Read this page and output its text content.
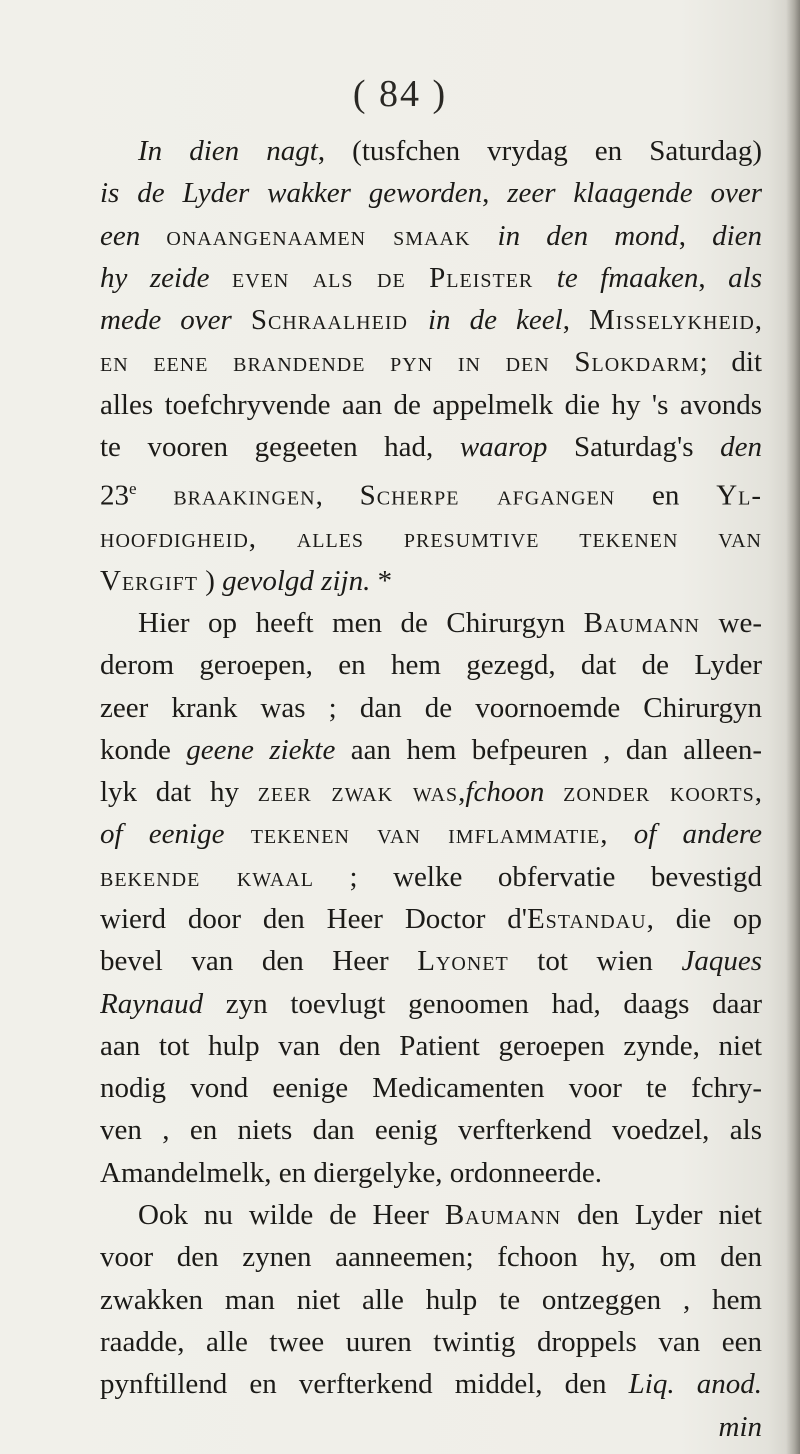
( 84 )
In dien nagt, (tusfchen vrydag en Saturdag)
is de Lyder wakker geworden, zeer klaagende over
een onaangenaamen smaak in den mond, dien
hy zeide even als de Pleister te fmaaken, als
mede over Schraalheid in de keel, Misselykheid,
en eene brandende pyn in den Slokdarm; dit
alles toefchryvende aan de appelmelk die hy 's avonds
te vooren gegeeten had, waarop Saturdag's den
23e braakingen, Scherpe afgangen en Yl-
hoofdigheid, alles presumtive tekenen van
Vergift ) gevolgd zijn. *
Hier op heeft men de Chirurgyn Baumann we-
derom geroepen, en hem gezegd, dat de Lyder
zeer krank was ; dan de voornoemde Chirurgyn
konde geene ziekte aan hem befpeuren , dan alleen-
lyk dat hy zeer zwak was,fchoon zonder koorts,
of eenige tekenen van imflammatie, of andere
bekende kwaal ; welke obfervatie bevestigd
wierd door den Heer Doctor d'Estandau, die op
bevel van den Heer Lyonet tot wien Jaques
Raynaud zyn toevlugt genoomen had, daags daar
aan tot hulp van den Patient geroepen zynde, niet
nodig vond eenige Medicamenten voor te fchry-
ven , en niets dan eenig verfterkend voedzel, als
Amandelmelk, en diergelyke, ordonneerde.
Ook nu wilde de Heer Baumann den Lyder niet
voor den zynen aanneemen; fchoon hy, om den
zwakken man niet alle hulp te ontzeggen , hem
raadde, alle twee uuren twintig droppels van een
pynftillend en verfterkend middel, den Liq. anod.
min
